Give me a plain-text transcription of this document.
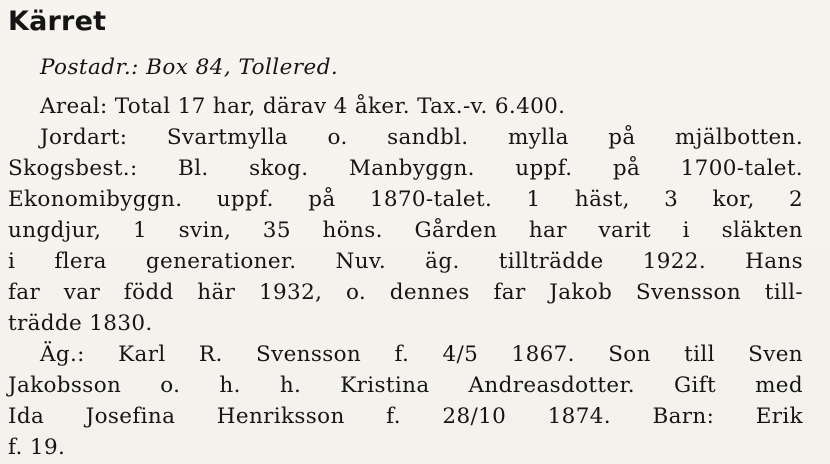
Kärret

Postadr.: Box 84, Tollered.

Areal: Total 17 har, därav 4 åker. Tax.-v. 6.400.

Jordart: Svartmylla o. sandbl. mylla på mjälbotten.

Skogsbest.: Bl. skog. Manbyggn. uppf. på 1700-talet.

Ekonomibyggn. uppf. på 1870-talet. 1 häst, 3 kor, 2

ungdjur, 1 svin, 35 höns. Gården har varit i släkten

i flera generationer. Nuv. äg. tillträdde 1922. Hans

far var född här 1932, o. dennes far Jakob Svensson till-

trädde 1830.

Äg.: Karl R. Svensson f. 4/5 1867. Son till Sven

Jakobsson o. h. h. Kristina Andreasdotter. Gift med

Ida Josefina Henriksson f. 28/10 1874. Barn: Erik

f. 19.
